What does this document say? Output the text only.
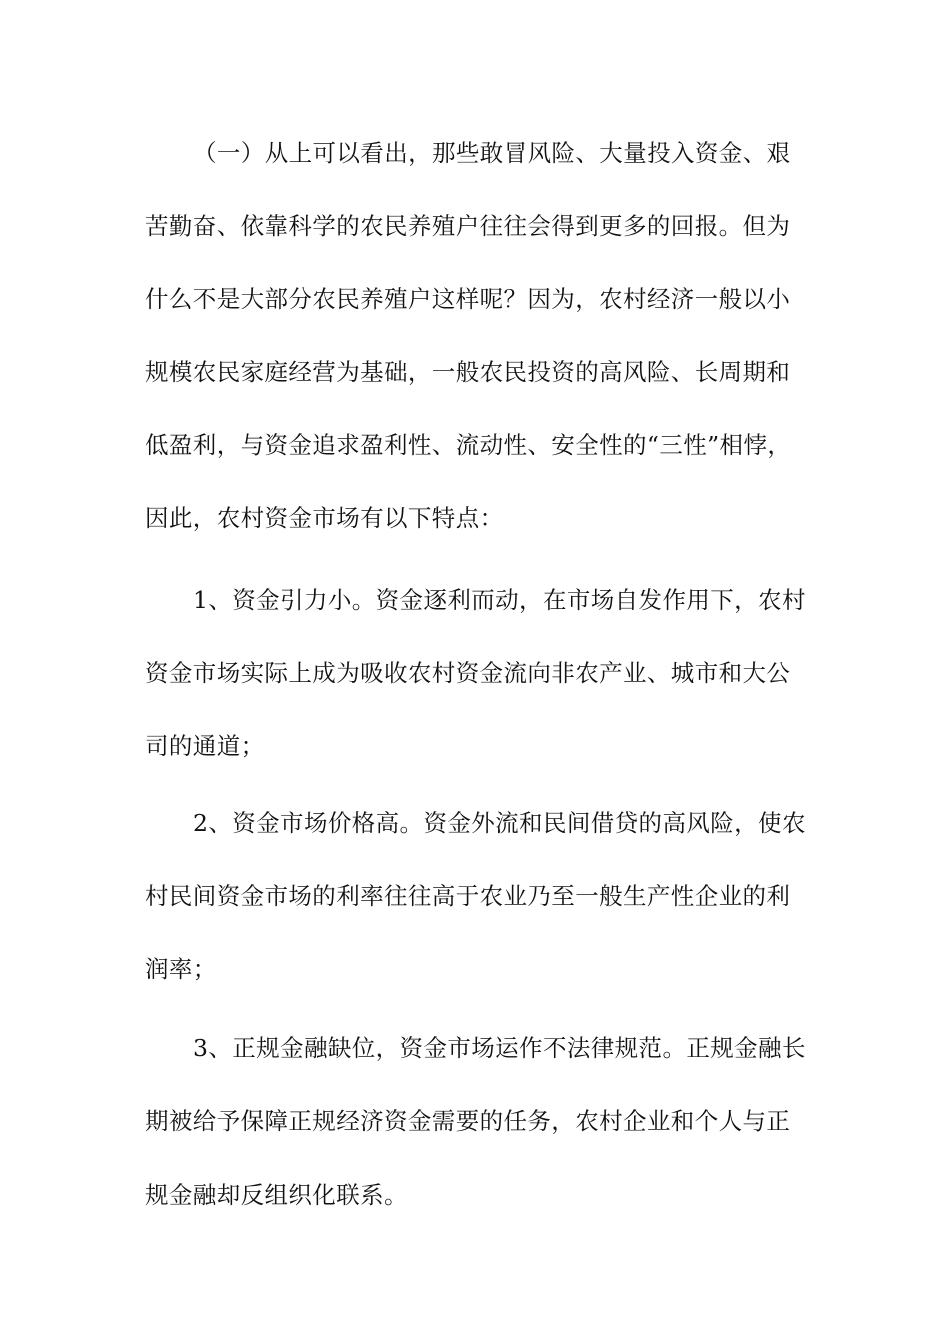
（一）从上可以看出，那些敢冒风险、大量投入资金、艰
苦勤奋、依靠科学的农民养殖户往往会得到更多的回报。但为
什么不是大部分农民养殖户这样呢？因为，农村经济一般以小
规模农民家庭经营为基础，一般农民投资的高风险、长周期和
低盈利，与资金追求盈利性、流动性、安全性的“三性”相悖，
因此，农村资金市场有以下特点：
1、资金引力小。资金逐利而动，在市场自发作用下，农村
资金市场实际上成为吸收农村资金流向非农产业、城市和大公
司的通道；
2、资金市场价格高。资金外流和民间借贷的高风险，使农
村民间资金市场的利率往往高于农业乃至一般生产性企业的利
润率；
3、正规金融缺位，资金市场运作不法律规范。正规金融长
期被给予保障正规经济资金需要的任务，农村企业和个人与正
规金融却反组织化联系。
